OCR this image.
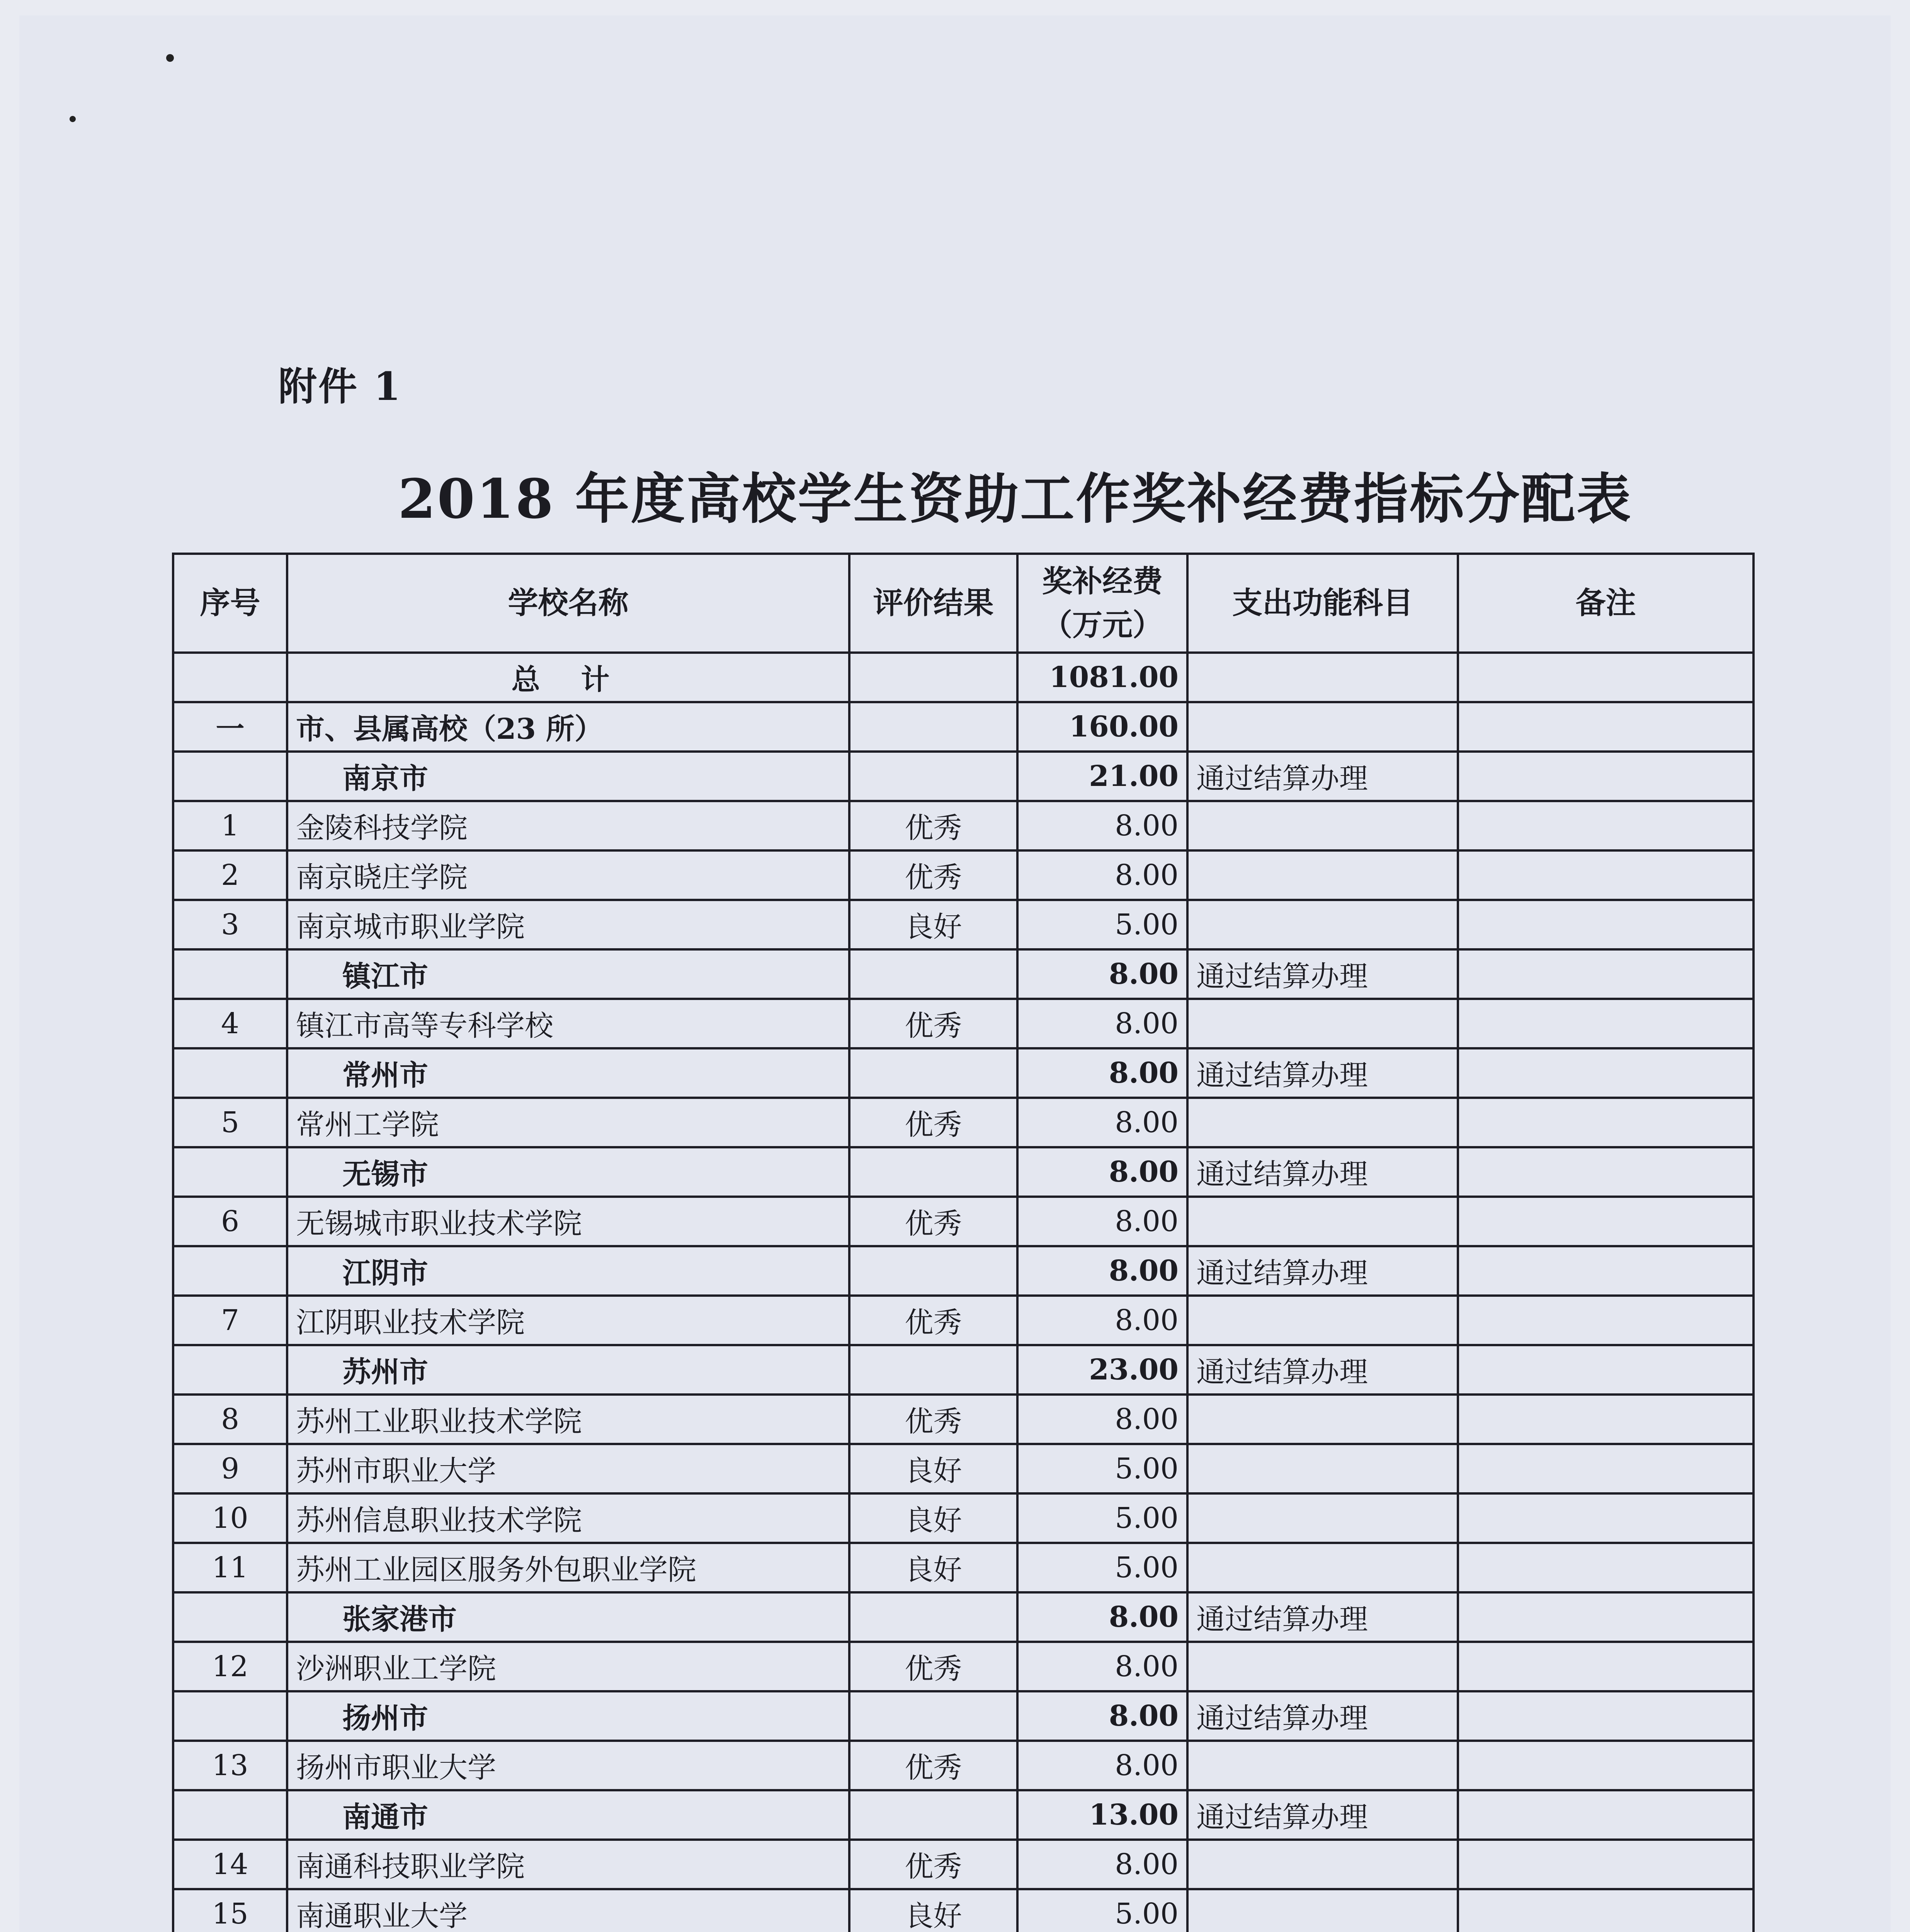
附件 1
2018 年度高校学生资助工作奖补经费指标分配表
序号	学校名称	评价结果	奖补经费（万元）	支出功能科目	备注
	总 计		1081.00		
一	市、县属高校（23 所）		160.00		
	南京市		21.00	通过结算办理	
1	金陵科技学院	优秀	8.00		
2	南京晓庄学院	优秀	8.00		
3	南京城市职业学院	良好	5.00		
	镇江市		8.00	通过结算办理	
4	镇江市高等专科学校	优秀	8.00		
	常州市		8.00	通过结算办理	
5	常州工学院	优秀	8.00		
	无锡市		8.00	通过结算办理	
6	无锡城市职业技术学院	优秀	8.00		
	江阴市		8.00	通过结算办理	
7	江阴职业技术学院	优秀	8.00		
	苏州市		23.00	通过结算办理	
8	苏州工业职业技术学院	优秀	8.00		
9	苏州市职业大学	良好	5.00		
10	苏州信息职业技术学院	良好	5.00		
11	苏州工业园区服务外包职业学院	良好	5.00		
	张家港市		8.00	通过结算办理	
12	沙洲职业工学院	优秀	8.00		
	扬州市		8.00	通过结算办理	
13	扬州市职业大学	优秀	8.00		
	南通市		13.00	通过结算办理	
14	南通科技职业学院	优秀	8.00		
15	南通职业大学	良好	5.00		
